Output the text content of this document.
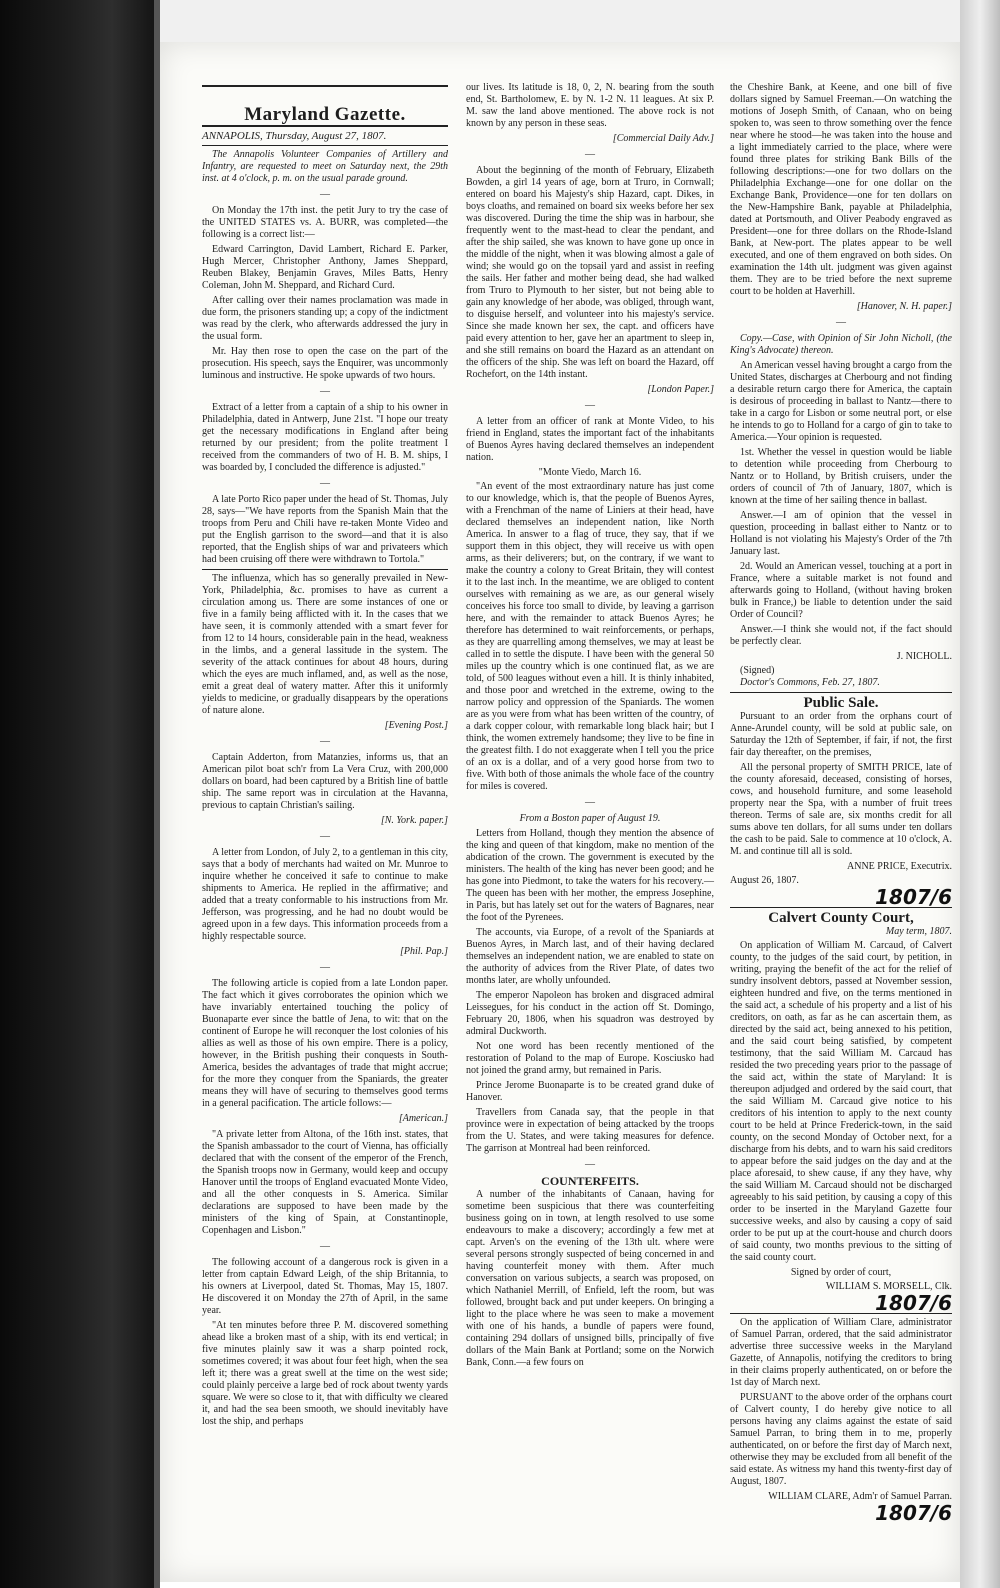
Maryland Gazette.
ANNAPOLIS, Thursday, August 27, 1807.

The Annapolis Volunteer Companies of Artillery and Infantry, are requested to meet on Saturday next, the 29th inst. at 4 o'clock, p. m. on the usual parade ground.

—

On Monday the 17th inst. the petit Jury to try the case of the UNITED STATES vs. A. BURR, was completed—the following is a correct list:—

Edward Carrington, David Lambert, Richard E. Parker, Hugh Mercer, Christopher Anthony, James Sheppard, Reuben Blakey, Benjamin Graves, Miles Batts, Henry Coleman, John M. Sheppard, and Richard Curd.

After calling over their names proclamation was made in due form, the prisoners standing up; a copy of the indictment was read by the clerk, who afterwards addressed the jury in the usual form.

Mr. Hay then rose to open the case on the part of the prosecution. His speech, says the Enquirer, was uncommonly luminous and instructive. He spoke upwards of two hours.

—

Extract of a letter from a captain of a ship to his owner in Philadelphia, dated in Antwerp, June 21st. "I hope our treaty get the necessary modifications in England after being returned by our president; from the polite treatment I received from the commanders of two of H. B. M. ships, I was boarded by, I concluded the difference is adjusted."

—

A late Porto Rico paper under the head of St. Thomas, July 28, says—"We have reports from the Spanish Main that the troops from Peru and Chili have re-taken Monte Video and put the English garrison to the sword—and that it is also reported, that the English ships of war and privateers which had been cruising off there were withdrawn to Tortola."

The influenza, which has so generally prevailed in New-York, Philadelphia, &c. promises to have as current a circulation among us. There are some instances of one or five in a family being afflicted with it. In the cases that we have seen, it is commonly attended with a smart fever for from 12 to 14 hours, considerable pain in the head, weakness in the limbs, and a general lassitude in the system. The severity of the attack continues for about 48 hours, during which the eyes are much inflamed, and, as well as the nose, emit a great deal of watery matter. After this it uniformly yields to medicine, or gradually disappears by the operations of nature alone.

[Evening Post.]
—

Captain Adderton, from Matanzies, informs us, that an American pilot boat sch'r from La Vera Cruz, with 200,000 dollars on board, had been captured by a British line of battle ship. The same report was in circulation at the Havanna, previous to captain Christian's sailing.

[N. York. paper.]
—

A letter from London, of July 2, to a gentleman in this city, says that a body of merchants had waited on Mr. Munroe to inquire whether he conceived it safe to continue to make shipments to America. He replied in the affirmative; and added that a treaty conformable to his instructions from Mr. Jefferson, was progressing, and he had no doubt would be agreed upon in a few days. This information proceeds from a highly respectable source.

[Phil. Pap.]
—

The following article is copied from a late London paper. The fact which it gives corroborates the opinion which we have invariably entertained touching the policy of Buonaparte ever since the battle of Jena, to wit: that on the continent of Europe he will reconquer the lost colonies of his allies as well as those of his own empire. There is a policy, however, in the British pushing their conquests in South-America, besides the advantages of trade that might accrue; for the more they conquer from the Spaniards, the greater means they will have of securing to themselves good terms in a general pacification. The article follows:—

[American.]

"A private letter from Altona, of the 16th inst. states, that the Spanish ambassador to the court of Vienna, has officially declared that with the consent of the emperor of the French, the Spanish troops now in Germany, would keep and occupy Hanover until the troops of England evacuated Monte Video, and all the other conquests in S. America. Similar declarations are supposed to have been made by the ministers of the king of Spain, at Constantinople, Copenhagen and Lisbon."

—

The following account of a dangerous rock is given in a letter from captain Edward Leigh, of the ship Britannia, to his owners at Liverpool, dated St. Thomas, May 15, 1807. He discovered it on Monday the 27th of April, in the same year.

"At ten minutes before three P. M. discovered something ahead like a broken mast of a ship, with its end vertical; in five minutes plainly saw it was a sharp pointed rock, sometimes covered; it was about four feet high, when the sea left it; there was a great swell at the time on the west side; could plainly perceive a large bed of rock about twenty yards square. We were so close to it, that with difficulty we cleared it, and had the sea been smooth, we should inevitably have lost the ship, and perhaps

our lives. Its latitude is 18, 0, 2, N. bearing from the south end, St. Bartholomew, E. by N. 1-2 N. 11 leagues. At six P. M. saw the land above mentioned. The above rock is not known by any person in these seas.

[Commercial Daily Adv.]
—

About the beginning of the month of February, Elizabeth Bowden, a girl 14 years of age, born at Truro, in Cornwall; entered on board his Majesty's ship Hazard, capt. Dikes, in boys cloaths, and remained on board six weeks before her sex was discovered. During the time the ship was in harbour, she frequently went to the mast-head to clear the pendant, and after the ship sailed, she was known to have gone up once in the middle of the night, when it was blowing almost a gale of wind; she would go on the topsail yard and assist in reefing the sails. Her father and mother being dead, she had walked from Truro to Plymouth to her sister, but not being able to gain any knowledge of her abode, was obliged, through want, to disguise herself, and volunteer into his majesty's service. Since she made known her sex, the capt. and officers have paid every attention to her, gave her an apartment to sleep in, and she still remains on board the Hazard as an attendant on the officers of the ship. She was left on board the Hazard, off Rochefort, on the 14th instant.

[London Paper.]
—

A letter from an officer of rank at Monte Video, to his friend in England, states the important fact of the inhabitants of Buenos Ayres having declared themselves an independent nation.

"Monte Viedo, March 16.

"An event of the most extraordinary nature has just come to our knowledge, which is, that the people of Buenos Ayres, with a Frenchman of the name of Liniers at their head, have declared themselves an independent nation, like North America. In answer to a flag of truce, they say, that if we support them in this object, they will receive us with open arms, as their deliverers; but, on the contrary, if we want to make the country a colony to Great Britain, they will contest it to the last inch. In the meantime, we are obliged to content ourselves with remaining as we are, as our general wisely conceives his force too small to divide, by leaving a garrison here, and with the remainder to attack Buenos Ayres; he therefore has determined to wait reinforcements, or perhaps, as they are quarrelling among themselves, we may at least be called in to settle the dispute. I have been with the general 50 miles up the country which is one continued flat, as we are told, of 500 leagues without even a hill. It is thinly inhabited, and those poor and wretched in the extreme, owing to the narrow policy and oppression of the Spaniards. The women are as you were from what has been written of the country, of a dark copper colour, with remarkable long black hair; but I think, the women extremely handsome; they live to be fine in the greatest filth. I do not exaggerate when I tell you the price of an ox is a dollar, and of a very good horse from two to five. With both of those animals the whole face of the country for miles is covered.

—
From a Boston paper of August 19.

Letters from Holland, though they mention the absence of the king and queen of that kingdom, make no mention of the abdication of the crown. The government is executed by the ministers. The health of the king has never been good; and he has gone into Piedmont, to take the waters for his recovery.—The queen has been with her mother, the empress Josephine, in Paris, but has lately set out for the waters of Bagnares, near the foot of the Pyrenees.

The accounts, via Europe, of a revolt of the Spaniards at Buenos Ayres, in March last, and of their having declared themselves an independent nation, we are enabled to state on the authority of advices from the River Plate, of dates two months later, are wholly unfounded.

The emperor Napoleon has broken and disgraced admiral Leissegues, for his conduct in the action off St. Domingo, February 20, 1806, when his squadron was destroyed by admiral Duckworth.

Not one word has been recently mentioned of the restoration of Poland to the map of Europe. Kosciusko had not joined the grand army, but remained in Paris.

Prince Jerome Buonaparte is to be created grand duke of Hanover.

Travellers from Canada say, that the people in that province were in expectation of being attacked by the troops from the U. States, and were taking measures for defence. The garrison at Montreal had been reinforced.

—
COUNTERFEITS.

A number of the inhabitants of Canaan, having for sometime been suspicious that there was counterfeiting business going on in town, at length resolved to use some endeavours to make a discovery; accordingly a few met at capt. Arven's on the evening of the 13th ult. where were several persons strongly suspected of being concerned in and having counterfeit money with them. After much conversation on various subjects, a search was proposed, on which Nathaniel Merrill, of Enfield, left the room, but was followed, brought back and put under keepers. On bringing a light to the place where he was seen to make a movement with one of his hands, a bundle of papers were found, containing 294 dollars of unsigned bills, principally of five dollars of the Main Bank at Portland; some on the Norwich Bank, Conn.—a few fours on

the Cheshire Bank, at Keene, and one bill of five dollars signed by Samuel Freeman.—On watching the motions of Joseph Smith, of Canaan, who on being spoken to, was seen to throw something over the fence near where he stood—he was taken into the house and a light immediately carried to the place, where were found three plates for striking Bank Bills of the following descriptions:—one for two dollars on the Philadelphia Exchange—one for one dollar on the Exchange Bank, Providence—one for ten dollars on the New-Hampshire Bank, payable at Philadelphia, dated at Portsmouth, and Oliver Peabody engraved as President—one for three dollars on the Rhode-Island Bank, at New-port. The plates appear to be well executed, and one of them engraved on both sides. On examination the 14th ult. judgment was given against them. They are to be tried before the next supreme court to be holden at Haverhill.

[Hanover, N. H. paper.]
—

Copy.—Case, with Opinion of Sir John Nicholl, (the King's Advocate) thereon.

An American vessel having brought a cargo from the United States, discharges at Cherbourg and not finding a desirable return cargo there for America, the captain is desirous of proceeding in ballast to Nantz—there to take in a cargo for Lisbon or some neutral port, or else he intends to go to Holland for a cargo of gin to take to America.—Your opinion is requested.

1st. Whether the vessel in question would be liable to detention while proceeding from Cherbourg to Nantz or to Holland, by British cruisers, under the orders of council of 7th of January, 1807, which is known at the time of her sailing thence in ballast.

Answer.—I am of opinion that the vessel in question, proceeding in ballast either to Nantz or to Holland is not violating his Majesty's Order of the 7th January last.

2d. Would an American vessel, touching at a port in France, where a suitable market is not found and afterwards going to Holland, (without having broken bulk in France,) be liable to detention under the said Order of Council?

Answer.—I think she would not, if the fact should be perfectly clear.

J. NICHOLL.
(Signed)
Doctor's Commons, Feb. 27, 1807.
Public Sale.

Pursuant to an order from the orphans court of Anne-Arundel county, will be sold at public sale, on Saturday the 12th of September, if fair, if not, the first fair day thereafter, on the premises,

All the personal property of SMITH PRICE, late of the county aforesaid, deceased, consisting of horses, cows, and household furniture, and some leasehold property near the Spa, with a number of fruit trees thereon. Terms of sale are, six months credit for all sums above ten dollars, for all sums under ten dollars the cash to be paid. Sale to commence at 10 o'clock, A. M. and continue till all is sold.

ANNE PRICE, Executrix.
August 26, 1807.
1807/6
Calvert County Court,
May term, 1807.

On application of William M. Carcaud, of Calvert county, to the judges of the said court, by petition, in writing, praying the benefit of the act for the relief of sundry insolvent debtors, passed at November session, eighteen hundred and five, on the terms mentioned in the said act, a schedule of his property and a list of his creditors, on oath, as far as he can ascertain them, as directed by the said act, being annexed to his petition, and the said court being satisfied, by competent testimony, that the said William M. Carcaud has resided the two preceding years prior to the passage of the said act, within the state of Maryland: It is thereupon adjudged and ordered by the said court, that the said William M. Carcaud give notice to his creditors of his intention to apply to the next county court to be held at Prince Frederick-town, in the said county, on the second Monday of October next, for a discharge from his debts, and to warn his said creditors to appear before the said judges on the day and at the place aforesaid, to shew cause, if any they have, why the said William M. Carcaud should not be discharged agreeably to his said petition, by causing a copy of this order to be inserted in the Maryland Gazette four successive weeks, and also by causing a copy of said order to be put up at the court-house and church doors of said county, two months previous to the sitting of the said county court.

Signed by order of court,
WILLIAM S. MORSELL, Clk.
1807/6

On the application of William Clare, administrator of Samuel Parran, ordered, that the said administrator advertise three successive weeks in the Maryland Gazette, of Annapolis, notifying the creditors to bring in their claims properly authenticated, on or before the 1st day of March next.

PURSUANT to the above order of the orphans court of Calvert county, I do hereby give notice to all persons having any claims against the estate of said Samuel Parran, to bring them in to me, properly authenticated, on or before the first day of March next, otherwise they may be excluded from all benefit of the said estate. As witness my hand this twenty-first day of August, 1807.

WILLIAM CLARE, Adm'r of Samuel Parran.
1807/6
